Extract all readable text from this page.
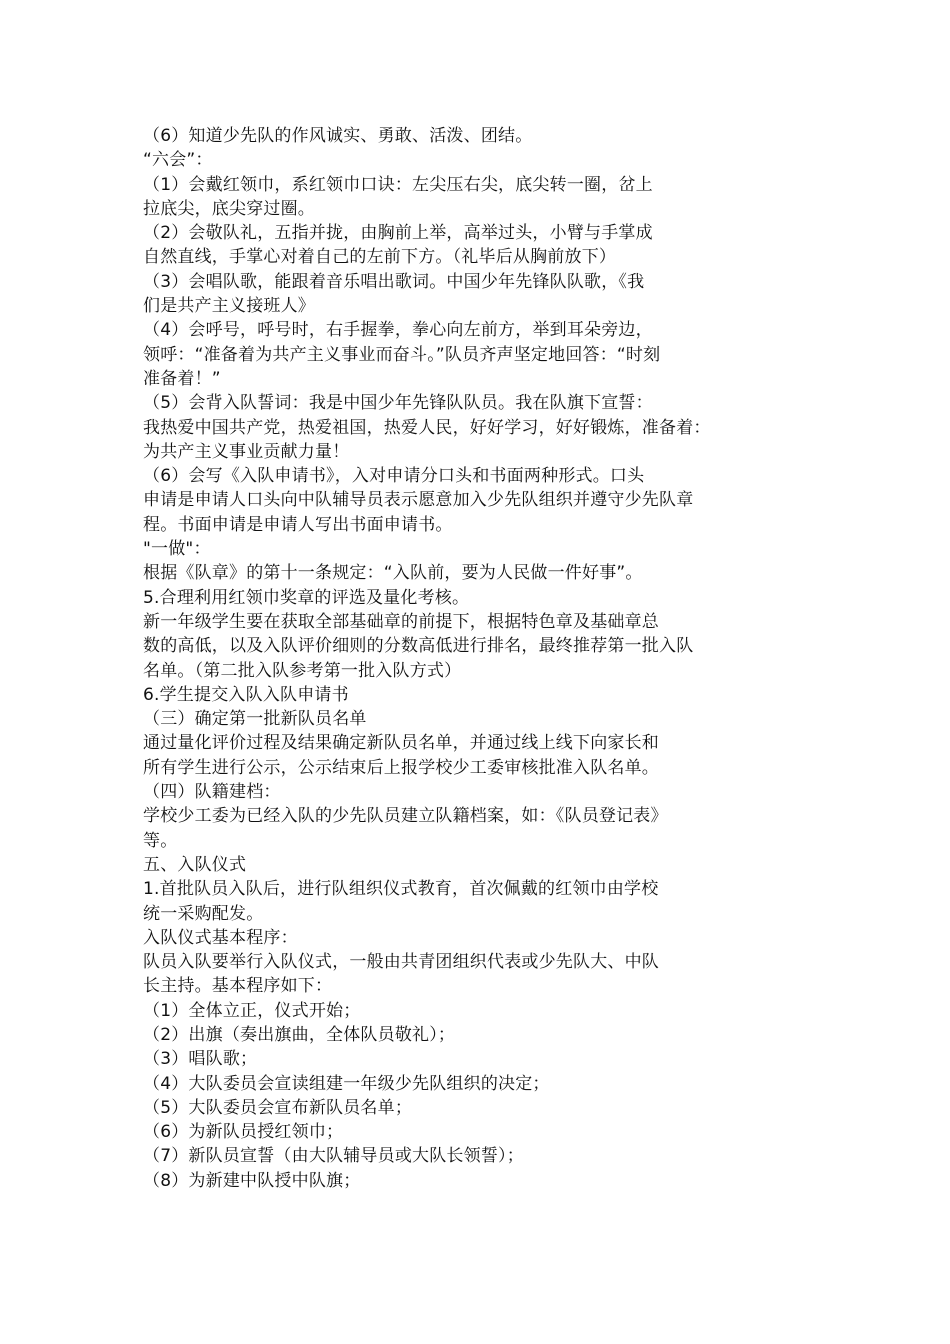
（6）知道少先队的作风诚实、勇敢、活泼、团结。
“六会”：
（1）会戴红领巾，系红领巾口诀：左尖压右尖，底尖转一圈，岔上
拉底尖，底尖穿过圈。
（2）会敬队礼，五指并拢，由胸前上举，高举过头，小臂与手掌成
自然直线，手掌心对着自己的左前下方。（礼毕后从胸前放下）
（3）会唱队歌，能跟着音乐唱出歌词。中国少年先锋队队歌，《我
们是共产主义接班人》
（4）会呼号，呼号时，右手握拳，拳心向左前方，举到耳朵旁边，
领呼：“准备着为共产主义事业而奋斗。”队员齐声坚定地回答：“时刻
准备着！”
（5）会背入队誓词：我是中国少年先锋队队员。我在队旗下宣誓：
我热爱中国共产党，热爱祖国，热爱人民，好好学习，好好锻炼，准备着：
为共产主义事业贡献力量！
（6）会写《入队申请书》，入对申请分口头和书面两种形式。口头
申请是申请人口头向中队辅导员表示愿意加入少先队组织并遵守少先队章
程。书面申请是申请人写出书面申请书。
"一做"：
根据《队章》的第十一条规定：“入队前，要为人民做一件好事”。
5.合理利用红领巾奖章的评选及量化考核。
新一年级学生要在获取全部基础章的前提下，根据特色章及基础章总
数的高低，以及入队评价细则的分数高低进行排名，最终推荐第一批入队
名单。（第二批入队参考第一批入队方式）
6.学生提交入队入队申请书
（三）确定第一批新队员名单
通过量化评价过程及结果确定新队员名单，并通过线上线下向家长和
所有学生进行公示，公示结束后上报学校少工委审核批准入队名单。
（四）队籍建档：
学校少工委为已经入队的少先队员建立队籍档案，如：《队员登记表》
等。
五、入队仪式
1.首批队员入队后，进行队组织仪式教育，首次佩戴的红领巾由学校
统一采购配发。
入队仪式基本程序：
队员入队要举行入队仪式，一般由共青团组织代表或少先队大、中队
长主持。基本程序如下：
（1）全体立正，仪式开始；
（2）出旗（奏出旗曲，全体队员敬礼）；
（3）唱队歌；
（4）大队委员会宣读组建一年级少先队组织的决定；
（5）大队委员会宣布新队员名单；
（6）为新队员授红领巾；
（7）新队员宣誓（由大队辅导员或大队长领誓）；
（8）为新建中队授中队旗；
